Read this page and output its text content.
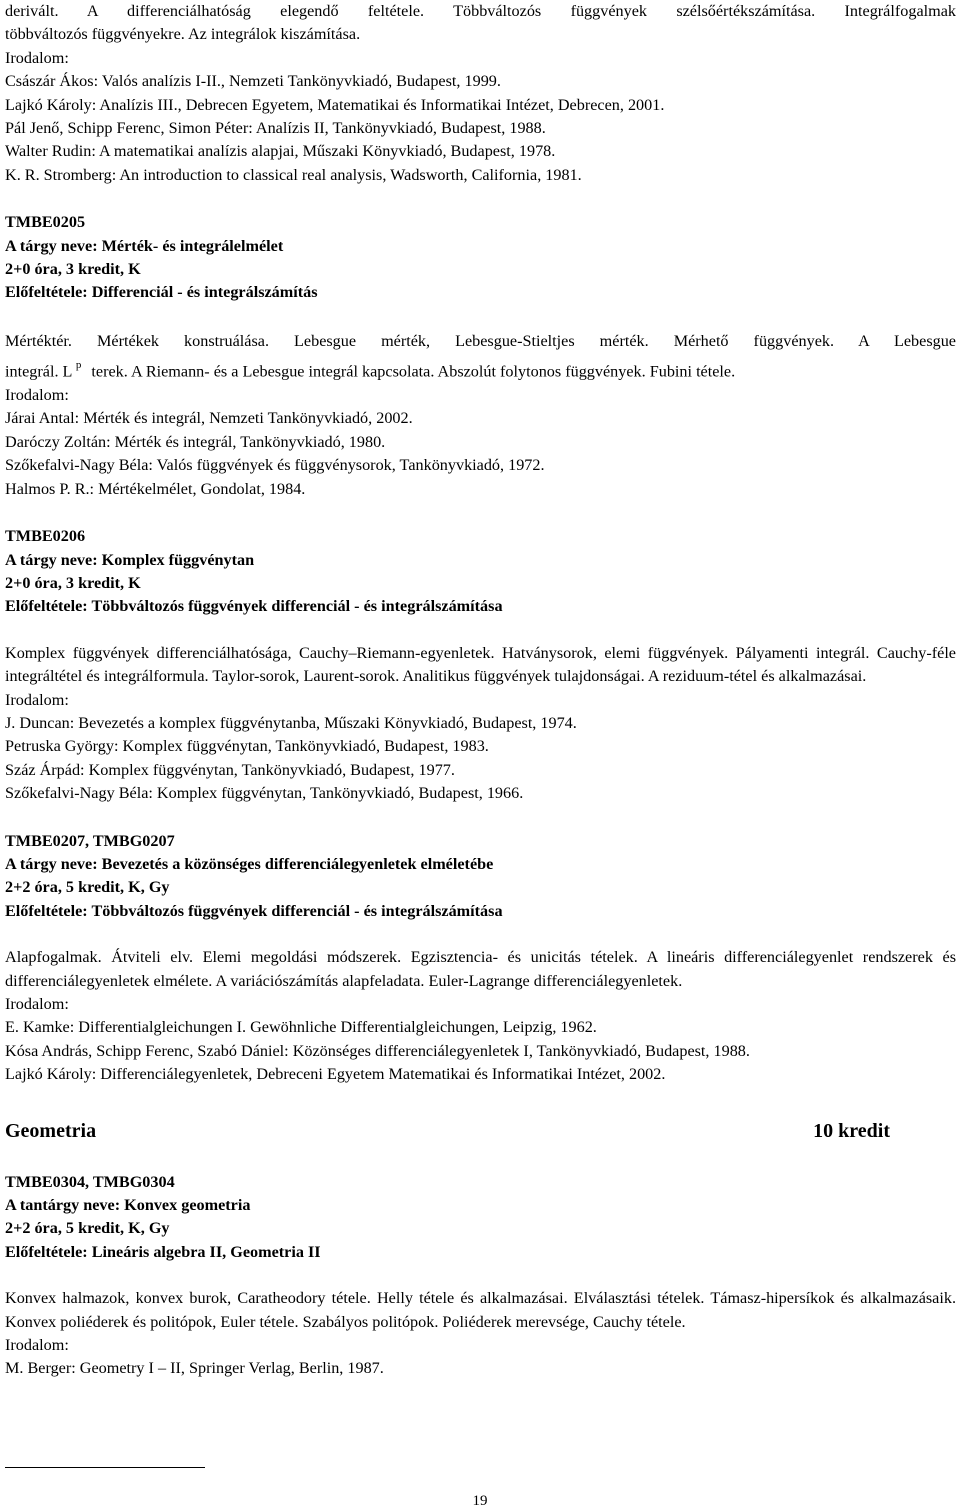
derivált. A differenciálhatóság elegendő feltétele. Többváltozós függvények szélsőértékszámítása. Integrálfogalmak

többváltozós függvényekre. Az integrálok kiszámítása.

Irodalom:

Császár Ákos: Valós analízis I-II., Nemzeti Tankönyvkiadó, Budapest, 1999.

Lajkó Károly: Analízis III., Debrecen Egyetem, Matematikai és Informatikai Intézet, Debrecen, 2001.

Pál Jenő, Schipp Ferenc, Simon Péter: Analízis II, Tankönyvkiadó, Budapest, 1988.

Walter Rudin: A matematikai analízis alapjai, Műszaki Könyvkiadó, Budapest, 1978.

K. R. Stromberg: An introduction to classical real analysis, Wadsworth, California, 1981.

TMBE0205

A tárgy neve: Mérték- és integrálelmélet

2+0 óra, 3 kredit, K

Előfeltétele: Differenciál - és integrálszámítás

Mértéktér. Mértékek konstruálása. Lebesgue mérték, Lebesgue-Stieltjes mérték. Mérhető függvények. A Lebesgue

integrál. L $^p$ terek. A Riemann- és a Lebesgue integrál kapcsolata. Abszolút folytonos függvények. Fubini tétele.

Irodalom:

Járai Antal: Mérték és integrál, Nemzeti Tankönyvkiadó, 2002.

Daróczy Zoltán: Mérték és integrál, Tankönyvkiadó, 1980.

Szőkefalvi-Nagy Béla: Valós függvények és függvénysorok, Tankönyvkiadó, 1972.

Halmos P. R.: Mértékelmélet, Gondolat, 1984.

TMBE0206

A tárgy neve: Komplex függvénytan

2+0 óra, 3 kredit, K

Előfeltétele: Többváltozós függvények differenciál - és integrálszámítása

Komplex függvények differenciálhatósága, Cauchy–Riemann-egyenletek. Hatványsorok, elemi függvények. Pályamenti integrál. Cauchy-féle integráltétel és integrálformula. Taylor-sorok, Laurent-sorok. Analitikus függvények tulajdonságai. A reziduum-tétel és alkalmazásai.

Irodalom:

J. Duncan: Bevezetés a komplex függvénytanba, Műszaki Könyvkiadó, Budapest, 1974.

Petruska György: Komplex függvénytan, Tankönyvkiadó, Budapest, 1983.

Száz Árpád: Komplex függvénytan, Tankönyvkiadó, Budapest, 1977.

Szőkefalvi-Nagy Béla: Komplex függvénytan, Tankönyvkiadó, Budapest, 1966.

TMBE0207, TMBG0207

A tárgy neve: Bevezetés a közönséges differenciálegyenletek elméletébe

2+2 óra, 5 kredit, K, Gy

Előfeltétele: Többváltozós függvények differenciál - és integrálszámítása

Alapfogalmak. Átviteli elv. Elemi megoldási módszerek. Egzisztencia- és unicitás tételek. A lineáris differenciálegyenlet rendszerek és differenciálegyenletek elmélete. A variációszámítás alapfeladata. Euler-Lagrange differenciálegyenletek.

Irodalom:

E. Kamke: Differentialgleichungen I. Gewöhnliche Differentialgleichungen, Leipzig, 1962.

Kósa András, Schipp Ferenc, Szabó Dániel: Közönséges differenciálegyenletek I, Tankönyvkiadó, Budapest, 1988.

Lajkó Károly: Differenciálegyenletek, Debreceni Egyetem Matematikai és Informatikai Intézet, 2002.

Geometria	10 kredit

TMBE0304, TMBG0304

A tantárgy neve: Konvex geometria

2+2 óra, 5 kredit, K, Gy

Előfeltétele: Lineáris algebra II, Geometria II

Konvex halmazok, konvex burok, Caratheodory tétele. Helly tétele és alkalmazásai. Elválasztási tételek. Támasz-hipersíkok és alkalmazásaik. Konvex poliéderek és politópok, Euler tétele. Szabályos politópok. Poliéderek merevsége, Cauchy tétele.

Irodalom:

M. Berger: Geometry I – II, Springer Verlag, Berlin, 1987.

19
